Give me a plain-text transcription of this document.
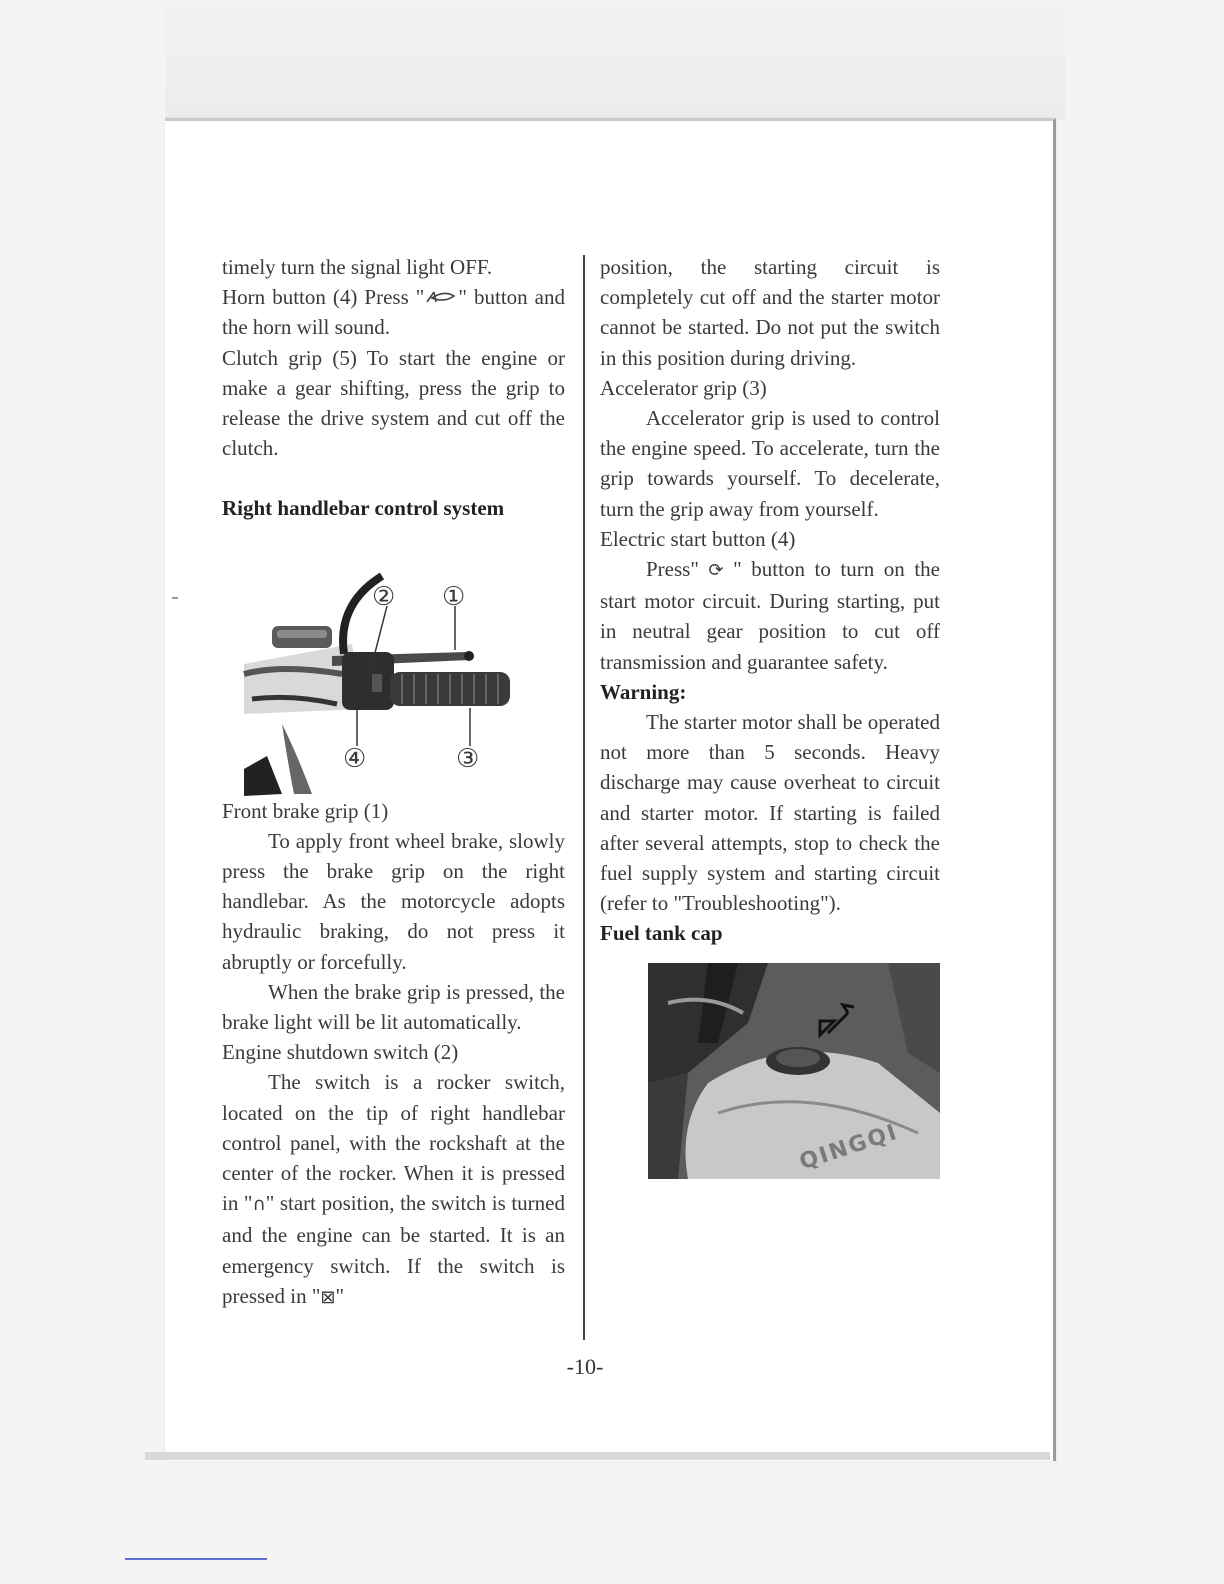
timely turn the signal light OFF.

Horn button (4) Press " " button and the horn will sound.

Clutch grip (5) To start the engine or make a gear shifting, press the grip to release the drive system and cut off the clutch.

Right handlebar control system

② ①
④	③

Front brake grip (1)

To apply front wheel brake, slowly press the brake grip on the right handlebar. As the motorcycle adopts hydraulic braking, do not press it abruptly or forcefully.

When the brake grip is pressed, the brake light will be lit automatically.

Engine shutdown switch (2)

The switch is a rocker switch, located on the tip of right handlebar control panel, with the rockshaft at the center of the rocker. When it is pressed in "∩" start position, the switch is turned and the engine can be started. It is an emergency switch. If the switch is pressed in "⊠"

position, the starting circuit is completely cut off and the starter motor cannot be started. Do not put the switch in this position during driving.

Accelerator grip (3)

Accelerator grip is used to control the engine speed. To accelerate, turn the grip towards yourself. To decelerate, turn the grip away from yourself.

Electric start button (4)

Press" ⟳ " button to turn on the start motor circuit. During starting, put in neutral gear position to cut off transmission and guarantee safety.

Warning:

The starter motor shall be operated not more than 5 seconds. Heavy discharge may cause overheat to circuit and starter motor. If starting is failed after several attempts, stop to check the fuel supply system and starting circuit (refer to "Troubleshooting").

Fuel tank cap

QINGQI
-10-
